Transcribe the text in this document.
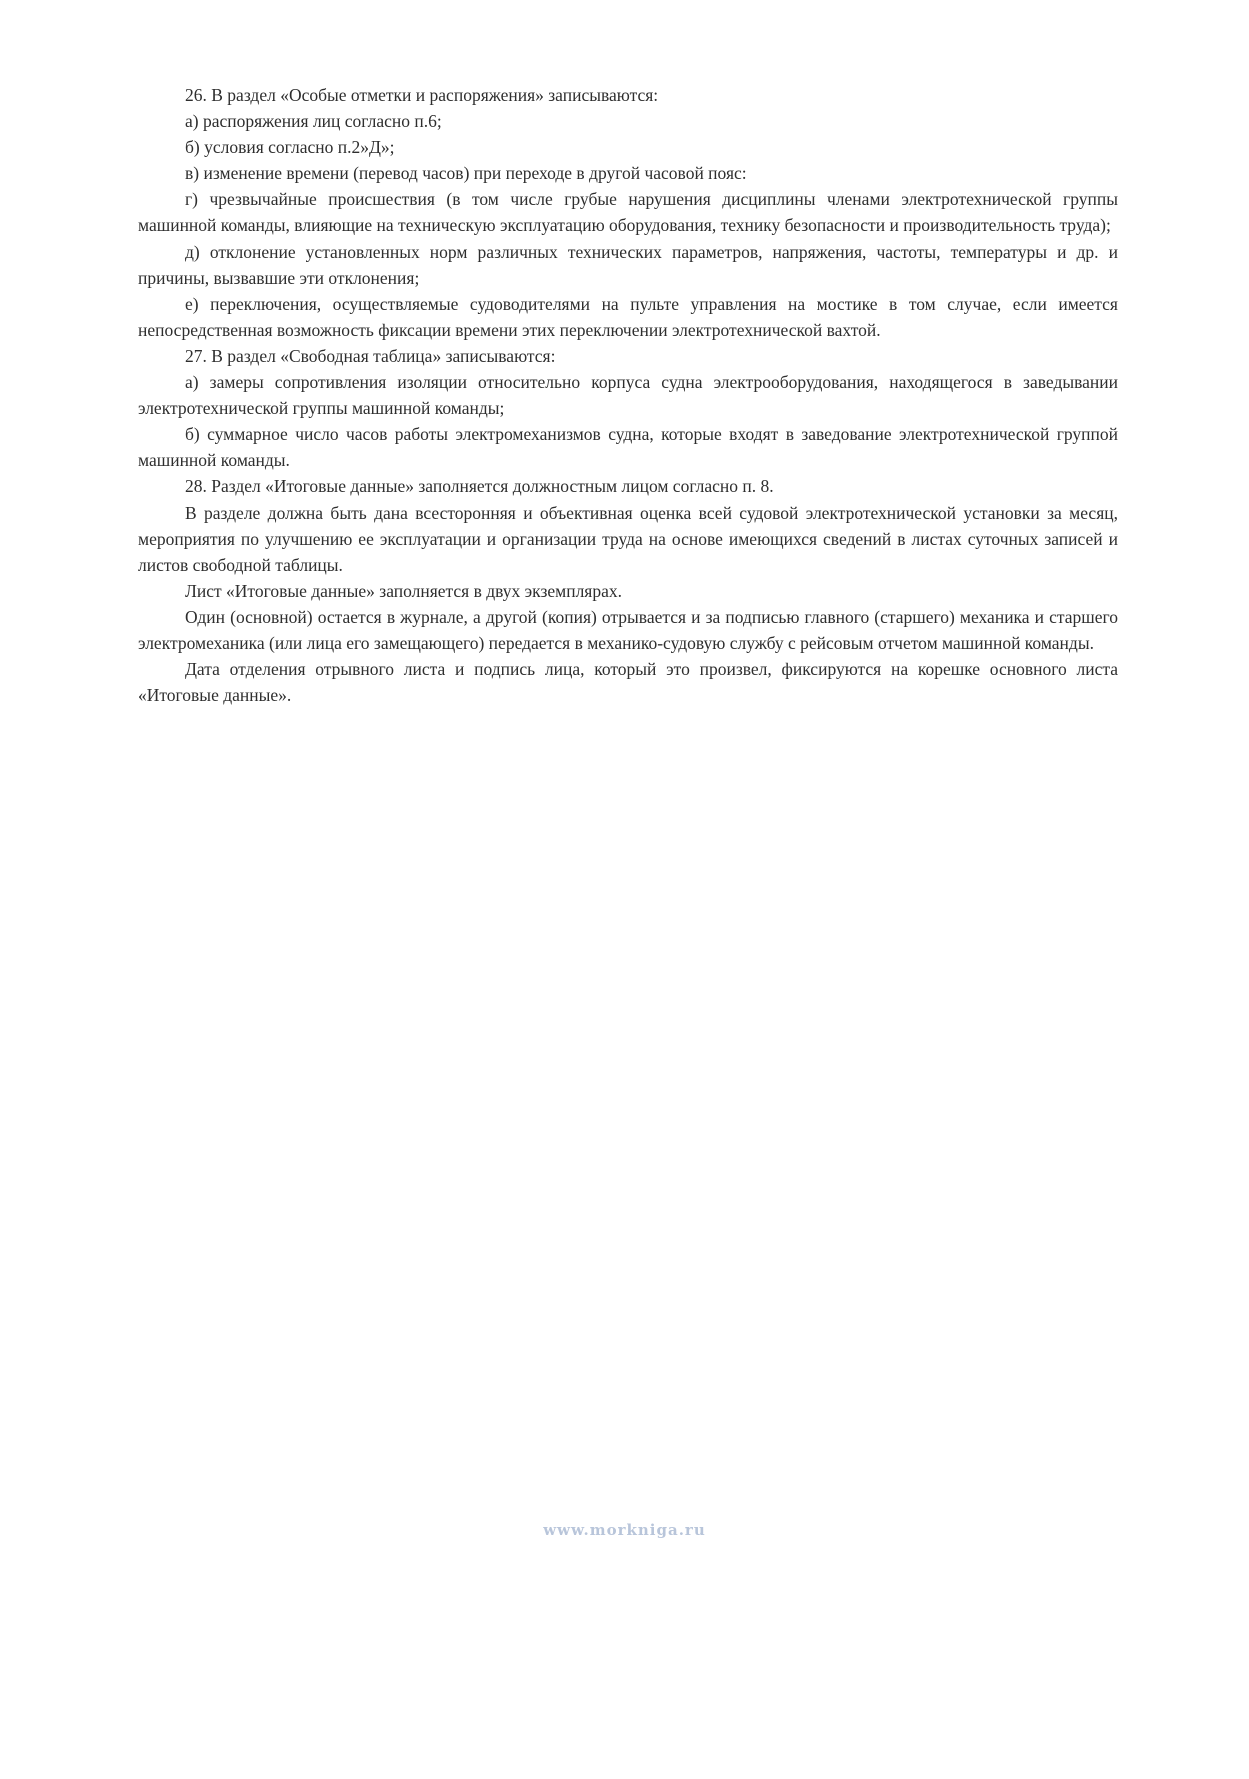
26. В раздел «Особые отметки и распоряжения» записываются:

а) распоряжения лиц согласно п.6;

б) условия согласно п.2»Д»;

в) изменение времени (перевод часов) при переходе в другой часовой пояс:

г) чрезвычайные происшествия (в том числе грубые нарушения дисциплины членами электротехнической группы машинной команды, влияющие на техническую эксплуатацию оборудования, технику безопасности и производительность труда);

д) отклонение установленных норм различных технических параметров, напряжения, частоты, температуры и др. и причины, вызвавшие эти отклонения;

е) переключения, осуществляемые судоводителями на пульте управления на мостике в том случае, если имеется непосредственная возможность фиксации времени этих переключении электротехнической вахтой.

27. В раздел «Свободная таблица» записываются:

а) замеры сопротивления изоляции относительно корпуса судна электрооборудования, находящегося в заведывании электротехнической группы машинной команды;

б) суммарное число часов работы электромеханизмов судна, которые входят в заведование электротехнической группой машинной команды.

28. Раздел «Итоговые данные» заполняется должностным лицом согласно п. 8.

В разделе должна быть дана всесторонняя и объективная оценка всей судовой электротехнической установки за месяц, мероприятия по улучшению ее эксплуатации и организации труда на основе имеющихся сведений в листах суточных записей и листов свободной таблицы.

Лист «Итоговые данные» заполняется в двух экземплярах.

Один (основной) остается в журнале, а другой (копия) отрывается и за подписью главного (старшего) механика и старшего электромеханика (или лица его замещающего) передается в механико-судовую службу с рейсовым отчетом машинной команды.

Дата отделения отрывного листа и подпись лица, который это произвел, фиксируются на корешке основного листа «Итоговые данные».

www.morkniga.ru
